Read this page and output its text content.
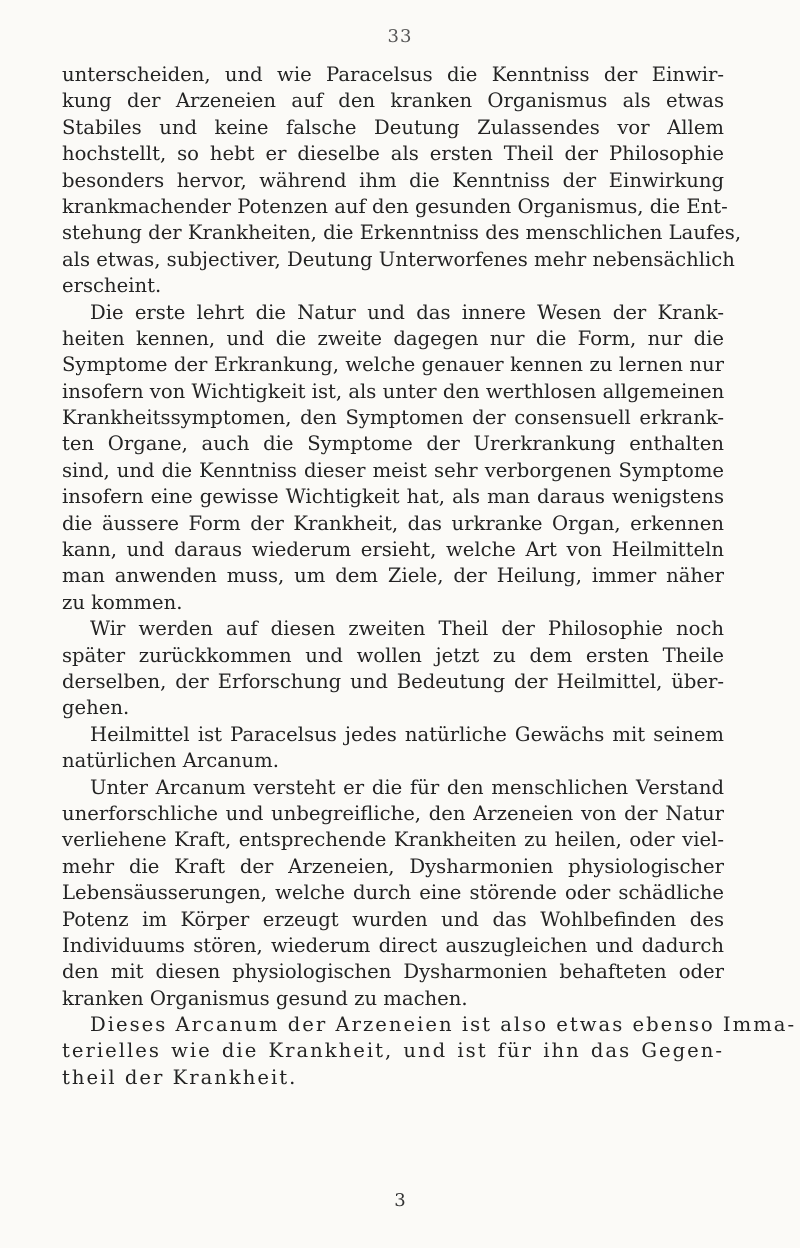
33
unterscheiden, und wie Paracelsus die Kenntniss der Einwir-
kung der Arzeneien auf den kranken Organismus als etwas
Stabiles und keine falsche Deutung Zulassendes vor Allem
hochstellt, so hebt er dieselbe als ersten Theil der Philosophie
besonders hervor, während ihm die Kenntniss der Einwirkung
krankmachender Potenzen auf den gesunden Organismus, die Ent-
stehung der Krankheiten, die Erkenntniss des menschlichen Laufes,
als etwas, subjectiver, Deutung Unterworfenes mehr nebensächlich
erscheint.
Die erste lehrt die Natur und das innere Wesen der Krank-
heiten kennen, und die zweite dagegen nur die Form, nur die
Symptome der Erkrankung, welche genauer kennen zu lernen nur
insofern von Wichtigkeit ist, als unter den werthlosen allgemeinen
Krankheitssymptomen, den Symptomen der consensuell erkrank-
ten Organe, auch die Symptome der Urerkrankung enthalten
sind, und die Kenntniss dieser meist sehr verborgenen Symptome
insofern eine gewisse Wichtigkeit hat, als man daraus wenigstens
die äussere Form der Krankheit, das urkranke Organ, erkennen
kann, und daraus wiederum ersieht, welche Art von Heilmitteln
man anwenden muss, um dem Ziele, der Heilung, immer näher
zu kommen.
Wir werden auf diesen zweiten Theil der Philosophie noch
später zurückkommen und wollen jetzt zu dem ersten Theile
derselben, der Erforschung und Bedeutung der Heilmittel, über-
gehen.
Heilmittel ist Paracelsus jedes natürliche Gewächs mit seinem
natürlichen Arcanum.
Unter Arcanum versteht er die für den menschlichen Verstand
unerforschliche und unbegreifliche, den Arzeneien von der Natur
verliehene Kraft, entsprechende Krankheiten zu heilen, oder viel-
mehr die Kraft der Arzeneien, Dysharmonien physiologischer
Lebensäusserungen, welche durch eine störende oder schädliche
Potenz im Körper erzeugt wurden und das Wohlbefinden des
Individuums stören, wiederum direct auszugleichen und dadurch
den mit diesen physiologischen Dysharmonien behafteten oder
kranken Organismus gesund zu machen.
Dieses Arcanum der Arzeneien ist also etwas ebenso Imma-
terielles wie die Krankheit, und ist für ihn das Gegen-
theil der Krankheit.
3
